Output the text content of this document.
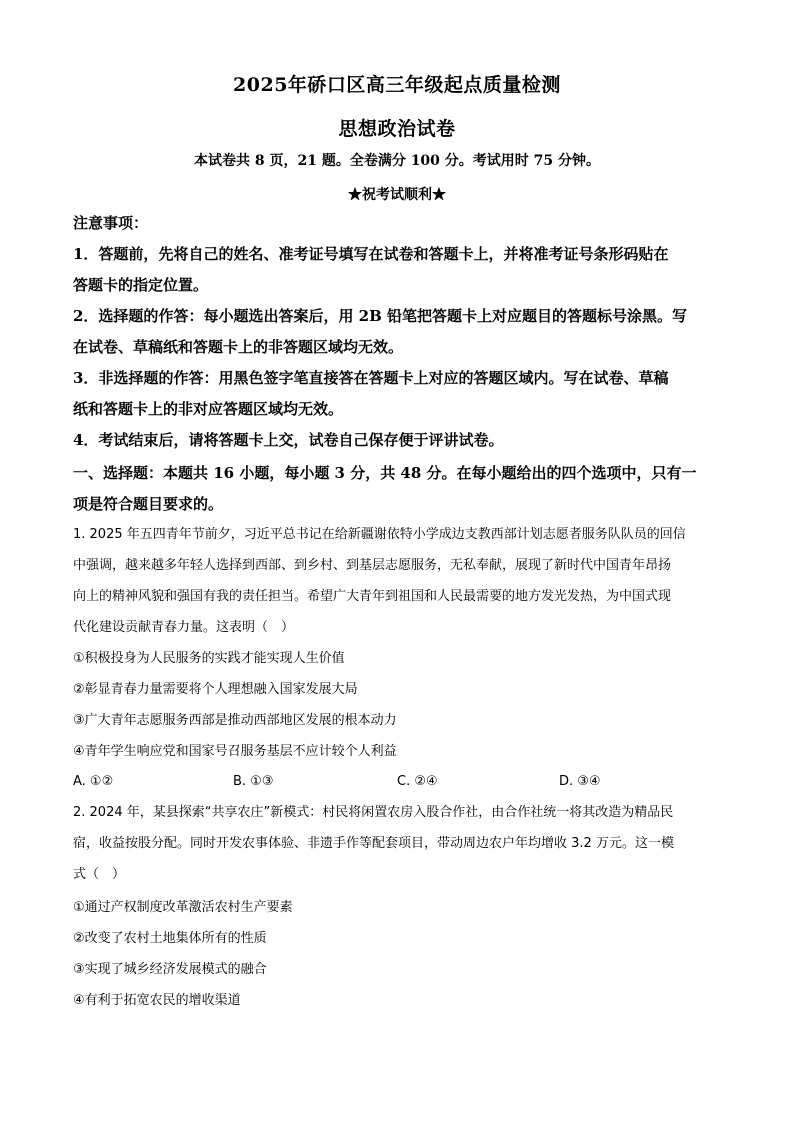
2025年硚口区高三年级起点质量检测
思想政治试卷
本试卷共 8 页，21 题。全卷满分 100 分。考试用时 75 分钟。
★祝考试顺利★
注意事项：
1．答题前，先将自己的姓名、准考证号填写在试卷和答题卡上，并将准考证号条形码贴在
答题卡的指定位置。
2．选择题的作答：每小题选出答案后，用 2B 铅笔把答题卡上对应题目的答题标号涂黑。写
在试卷、草稿纸和答题卡上的非答题区域均无效。
3．非选择题的作答：用黑色签字笔直接答在答题卡上对应的答题区域内。写在试卷、草稿
纸和答题卡上的非对应答题区域均无效。
4．考试结束后，请将答题卡上交，试卷自己保存便于评讲试卷。
一、选择题：本题共 16 小题，每小题 3 分，共 48 分。在每小题给出的四个选项中，只有一
项是符合题目要求的。
1. 2025 年五四青年节前夕，习近平总书记在给新疆谢依特小学成边支教西部计划志愿者服务队队员的回信
中强调，越来越多年轻人选择到西部、到乡村、到基层志愿服务，无私奉献，展现了新时代中国青年昂扬
向上的精神风貌和强国有我的责任担当。希望广大青年到祖国和人民最需要的地方发光发热，为中国式现
代化建设贡献青春力量。这表明（　）
①积极投身为人民服务的实践才能实现人生价值
②彰显青春力量需要将个人理想融入国家发展大局
③广大青年志愿服务西部是推动西部地区发展的根本动力
④青年学生响应党和国家号召服务基层不应计较个人利益
A. ①②	B. ①③	C. ②④	D. ③④
2. 2024 年，某县探索“共享农庄”新模式：村民将闲置农房入股合作社，由合作社统一将其改造为精品民
宿，收益按股分配。同时开发农事体验、非遗手作等配套项目，带动周边农户年均增收 3.2 万元。这一模
式（　）
①通过产权制度改革激活农村生产要素
②改变了农村土地集体所有的性质
③实现了城乡经济发展模式的融合
④有利于拓宽农民的增收渠道
